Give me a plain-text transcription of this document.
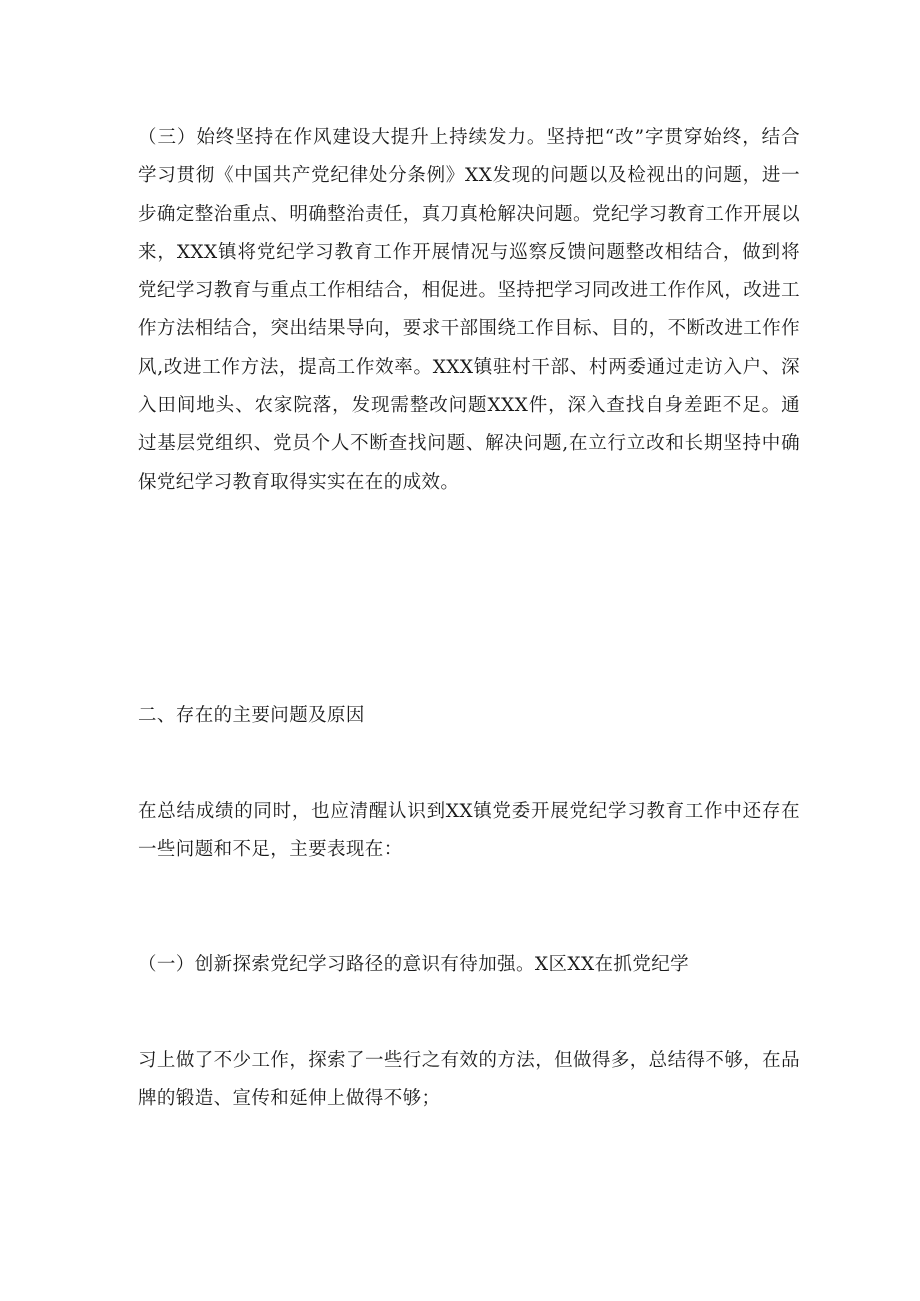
（三）始终坚持在作风建设大提升上持续发力。坚持把“改”字贯穿始终，结合学习贯彻《中国共产党纪律处分条例》XX发现的问题以及检视出的问题，进一步确定整治重点、明确整治责任，真刀真枪解决问题。党纪学习教育工作开展以来，XXX镇将党纪学习教育工作开展情况与巡察反馈问题整改相结合，做到将党纪学习教育与重点工作相结合，相促进。坚持把学习同改进工作作风，改进工作方法相结合，突出结果导向，要求干部围绕工作目标、目的，不断改进工作作风,改进工作方法，提高工作效率。XXX镇驻村干部、村两委通过走访入户、深入田间地头、农家院落，发现需整改问题XXX件，深入查找自身差距不足。通过基层党组织、党员个人不断查找问题、解决问题,在立行立改和长期坚持中确保党纪学习教育取得实实在在的成效。

二、存在的主要问题及原因

在总结成绩的同时，也应清醒认识到XX镇党委开展党纪学习教育工作中还存在一些问题和不足，主要表现在：

（一）创新探索党纪学习路径的意识有待加强。X区XX在抓党纪学

习上做了不少工作，探索了一些行之有效的方法，但做得多，总结得不够，在品牌的锻造、宣传和延伸上做得不够；
